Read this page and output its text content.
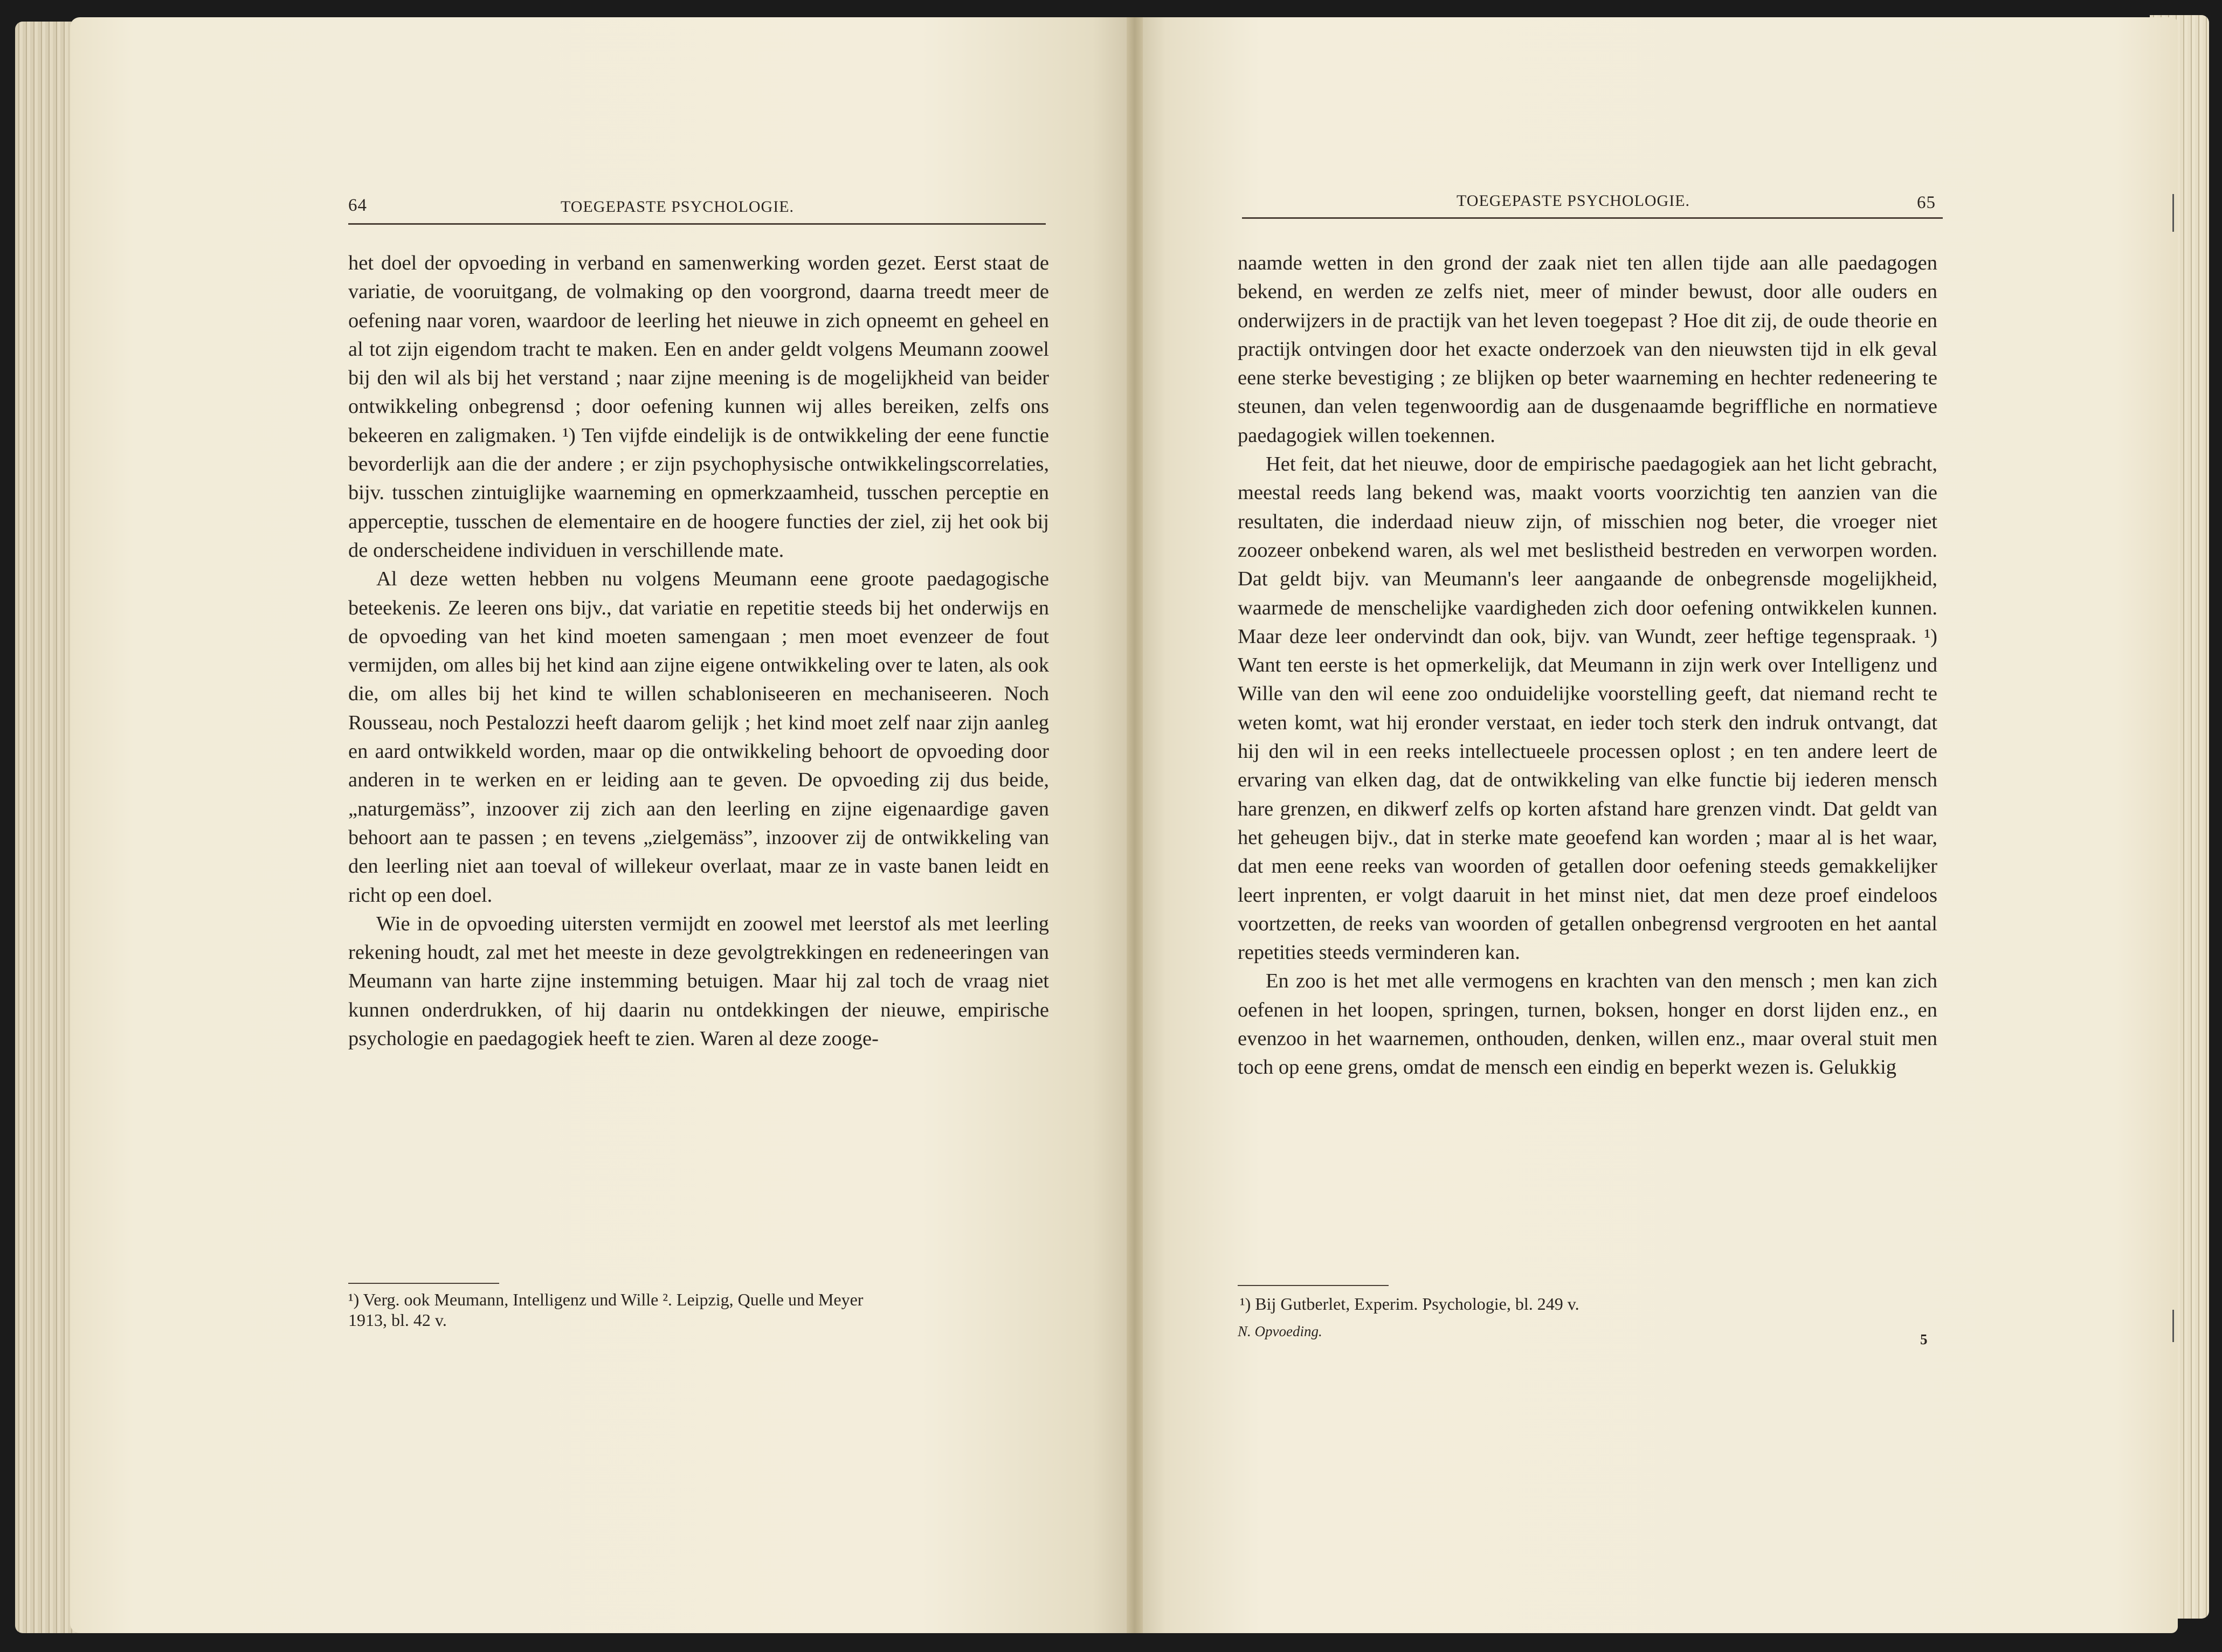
64	TOEGEPASTE PSYCHOLOGIE.

het doel der opvoeding in verband en samenwerking worden gezet. Eerst staat de variatie, de vooruitgang, de volmaking op den voorgrond, daarna treedt meer de oefening naar voren, waardoor de leerling het nieuwe in zich opneemt en geheel en al tot zijn eigendom tracht te maken. Een en ander geldt volgens Meumann zoowel bij den wil als bij het verstand ; naar zijne meening is de mogelijkheid van beider ontwikkeling onbegrensd ; door oefening kunnen wij alles bereiken, zelfs ons bekeeren en zaligmaken. ¹) Ten vijfde eindelijk is de ontwikkeling der eene functie bevorderlijk aan die der andere ; er zijn psychophysische ontwikkelingscorrelaties, bijv. tusschen zintuiglijke waarneming en opmerkzaamheid, tusschen perceptie en apperceptie, tusschen de elementaire en de hoogere functies der ziel, zij het ook bij de onderscheidene individuen in verschillende mate.

Al deze wetten hebben nu volgens Meumann eene groote paedagogische beteekenis. Ze leeren ons bijv., dat variatie en repetitie steeds bij het onderwijs en de opvoeding van het kind moeten samengaan ; men moet evenzeer de fout vermijden, om alles bij het kind aan zijne eigene ontwikkeling over te laten, als ook die, om alles bij het kind te willen schabloniseeren en mechaniseeren. Noch Rousseau, noch Pestalozzi heeft daarom gelijk ; het kind moet zelf naar zijn aanleg en aard ontwikkeld worden, maar op die ontwikkeling behoort de opvoeding door anderen in te werken en er leiding aan te geven. De opvoeding zij dus beide, „naturgemäss”, inzoover zij zich aan den leerling en zijne eigenaardige gaven behoort aan te passen ; en tevens „zielgemäss”, inzoover zij de ontwikkeling van den leerling niet aan toeval of willekeur overlaat, maar ze in vaste banen leidt en richt op een doel.

Wie in de opvoeding uitersten vermijdt en zoowel met leerstof als met leerling rekening houdt, zal met het meeste in deze gevolgtrekkingen en redeneeringen van Meumann van harte zijne instemming betuigen. Maar hij zal toch de vraag niet kunnen onderdrukken, of hij daarin nu ontdekkingen der nieuwe, empirische psychologie en paedagogiek heeft te zien. Waren al deze zooge-

¹) Verg. ook Meumann, Intelligenz und Wille ². Leipzig, Quelle und Meyer
1913, bl. 42 v.
TOEGEPASTE PSYCHOLOGIE.	65

naamde wetten in den grond der zaak niet ten allen tijde aan alle paedagogen bekend, en werden ze zelfs niet, meer of minder bewust, door alle ouders en onderwijzers in de practijk van het leven toegepast ? Hoe dit zij, de oude theorie en practijk ontvingen door het exacte onderzoek van den nieuwsten tijd in elk geval eene sterke bevestiging ; ze blijken op beter waarneming en hechter redeneering te steunen, dan velen tegenwoordig aan de dusgenaamde begriffliche en normatieve paedagogiek willen toekennen.

Het feit, dat het nieuwe, door de empirische paedagogiek aan het licht gebracht, meestal reeds lang bekend was, maakt voorts voorzichtig ten aanzien van die resultaten, die inderdaad nieuw zijn, of misschien nog beter, die vroeger niet zoozeer onbekend waren, als wel met beslistheid bestreden en verworpen worden. Dat geldt bijv. van Meumann's leer aangaande de onbegrensde mogelijkheid, waarmede de menschelijke vaardigheden zich door oefening ontwikkelen kunnen. Maar deze leer ondervindt dan ook, bijv. van Wundt, zeer heftige tegenspraak. ¹) Want ten eerste is het opmerkelijk, dat Meumann in zijn werk over Intelligenz und Wille van den wil eene zoo onduidelijke voorstelling geeft, dat niemand recht te weten komt, wat hij eronder verstaat, en ieder toch sterk den indruk ontvangt, dat hij den wil in een reeks intellectueele processen oplost ; en ten andere leert de ervaring van elken dag, dat de ontwikkeling van elke functie bij iederen mensch hare grenzen, en dikwerf zelfs op korten afstand hare grenzen vindt. Dat geldt van het geheugen bijv., dat in sterke mate geoefend kan worden ; maar al is het waar, dat men eene reeks van woorden of getallen door oefening steeds gemakkelijker leert inprenten, er volgt daaruit in het minst niet, dat men deze proef eindeloos voortzetten, de reeks van woorden of getallen onbegrensd vergrooten en het aantal repetities steeds verminderen kan.

En zoo is het met alle vermogens en krachten van den mensch ; men kan zich oefenen in het loopen, springen, turnen, boksen, honger en dorst lijden enz., en evenzoo in het waarnemen, onthouden, denken, willen enz., maar overal stuit men toch op eene grens, omdat de mensch een eindig en beperkt wezen is. Gelukkig

¹) Bij Gutberlet, Experim. Psychologie, bl. 249 v.
N. Opvoeding.	5
